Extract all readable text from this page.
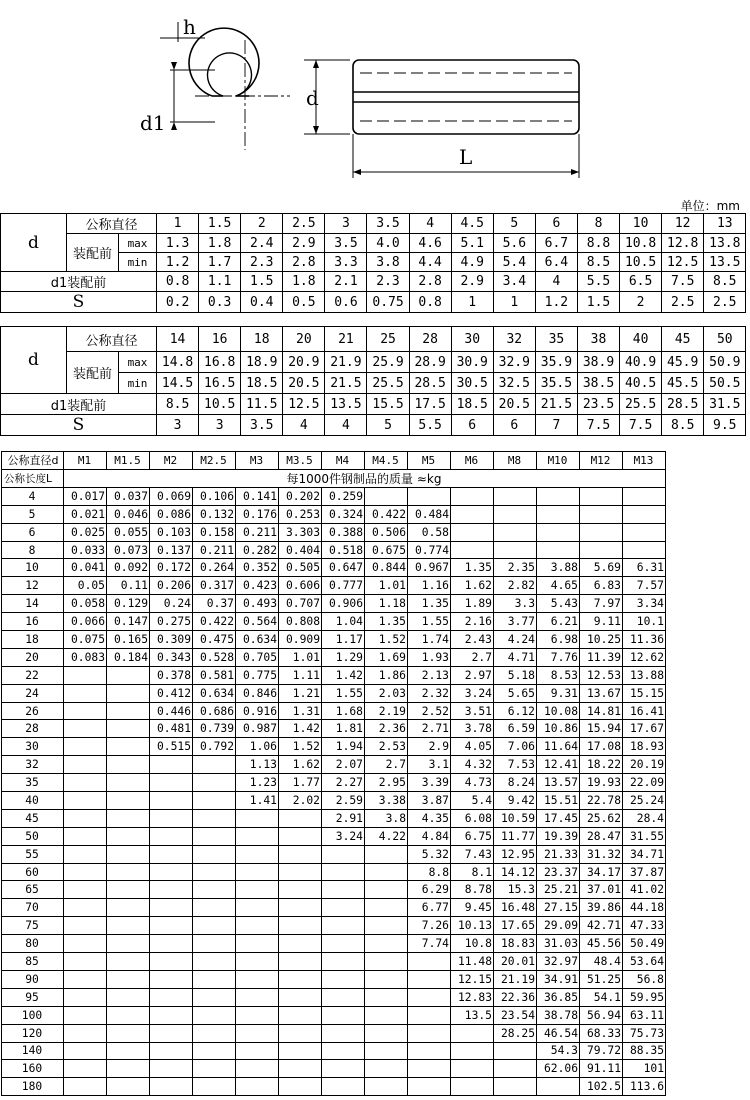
h
d
d1
L
单位：mm
d	公称直径		1	1.5	2	2.5	3	3.5	4	4.5	5	6	8	10	12	13
	装配前	max	1.3	1.8	2.4	2.9	3.5	4.0	4.6	5.1	5.6	6.7	8.8	10.8	12.8	13.8
		min	1.2	1.7	2.3	2.8	3.3	3.8	4.4	4.9	5.4	6.4	8.5	10.5	12.5	13.5
d1装配前			0.8	1.1	1.5	1.8	2.1	2.3	2.8	2.9	3.4	4	5.5	6.5	7.5	8.5
S			0.2	0.3	0.4	0.5	0.6	0.75	0.8	1	1	1.2	1.5	2	2.5	2.5
d	公称直径		14	16	18	20	21	25	28	30	32	35	38	40	45	50
	装配前	max	14.8	16.8	18.9	20.9	21.9	25.9	28.9	30.9	32.9	35.9	38.9	40.9	45.9	50.9
		min	14.5	16.5	18.5	20.5	21.5	25.5	28.5	30.5	32.5	35.5	38.5	40.5	45.5	50.5
d1装配前			8.5	10.5	11.5	12.5	13.5	15.5	17.5	18.5	20.5	21.5	23.5	25.5	28.5	31.5
S			3	3	3.5	4	4	5	5.5	6	6	7	7.5	7.5	8.5	9.5
公称直径d	M1	M1.5	M2	M2.5	M3	M3.5	M4	M4.5	M5	M6	M8	M10	M12	M13
公称长度L	每1000件钢制品的质量 ≈kg													
4	0.017	0.037	0.069	0.106	0.141	0.202	0.259							
5	0.021	0.046	0.086	0.132	0.176	0.253	0.324	0.422	0.484					
6	0.025	0.055	0.103	0.158	0.211	3.303	0.388	0.506	0.58					
8	0.033	0.073	0.137	0.211	0.282	0.404	0.518	0.675	0.774					
10	0.041	0.092	0.172	0.264	0.352	0.505	0.647	0.844	0.967	1.35	2.35	3.88	5.69	6.31
12	0.05	0.11	0.206	0.317	0.423	0.606	0.777	1.01	1.16	1.62	2.82	4.65	6.83	7.57
14	0.058	0.129	0.24	0.37	0.493	0.707	0.906	1.18	1.35	1.89	3.3	5.43	7.97	3.34
16	0.066	0.147	0.275	0.422	0.564	0.808	1.04	1.35	1.55	2.16	3.77	6.21	9.11	10.1
18	0.075	0.165	0.309	0.475	0.634	0.909	1.17	1.52	1.74	2.43	4.24	6.98	10.25	11.36
20	0.083	0.184	0.343	0.528	0.705	1.01	1.29	1.69	1.93	2.7	4.71	7.76	11.39	12.62
22			0.378	0.581	0.775	1.11	1.42	1.86	2.13	2.97	5.18	8.53	12.53	13.88
24			0.412	0.634	0.846	1.21	1.55	2.03	2.32	3.24	5.65	9.31	13.67	15.15
26			0.446	0.686	0.916	1.31	1.68	2.19	2.52	3.51	6.12	10.08	14.81	16.41
28			0.481	0.739	0.987	1.42	1.81	2.36	2.71	3.78	6.59	10.86	15.94	17.67
30			0.515	0.792	1.06	1.52	1.94	2.53	2.9	4.05	7.06	11.64	17.08	18.93
32					1.13	1.62	2.07	2.7	3.1	4.32	7.53	12.41	18.22	20.19
35					1.23	1.77	2.27	2.95	3.39	4.73	8.24	13.57	19.93	22.09
40					1.41	2.02	2.59	3.38	3.87	5.4	9.42	15.51	22.78	25.24
45							2.91	3.8	4.35	6.08	10.59	17.45	25.62	28.4
50							3.24	4.22	4.84	6.75	11.77	19.39	28.47	31.55
55									5.32	7.43	12.95	21.33	31.32	34.71
60									8.8	8.1	14.12	23.37	34.17	37.87
65									6.29	8.78	15.3	25.21	37.01	41.02
70									6.77	9.45	16.48	27.15	39.86	44.18
75									7.26	10.13	17.65	29.09	42.71	47.33
80									7.74	10.8	18.83	31.03	45.56	50.49
85										11.48	20.01	32.97	48.4	53.64
90										12.15	21.19	34.91	51.25	56.8
95										12.83	22.36	36.85	54.1	59.95
100										13.5	23.54	38.78	56.94	63.11
120											28.25	46.54	68.33	75.73
140												54.3	79.72	88.35
160												62.06	91.11	101
180													102.5	113.6
